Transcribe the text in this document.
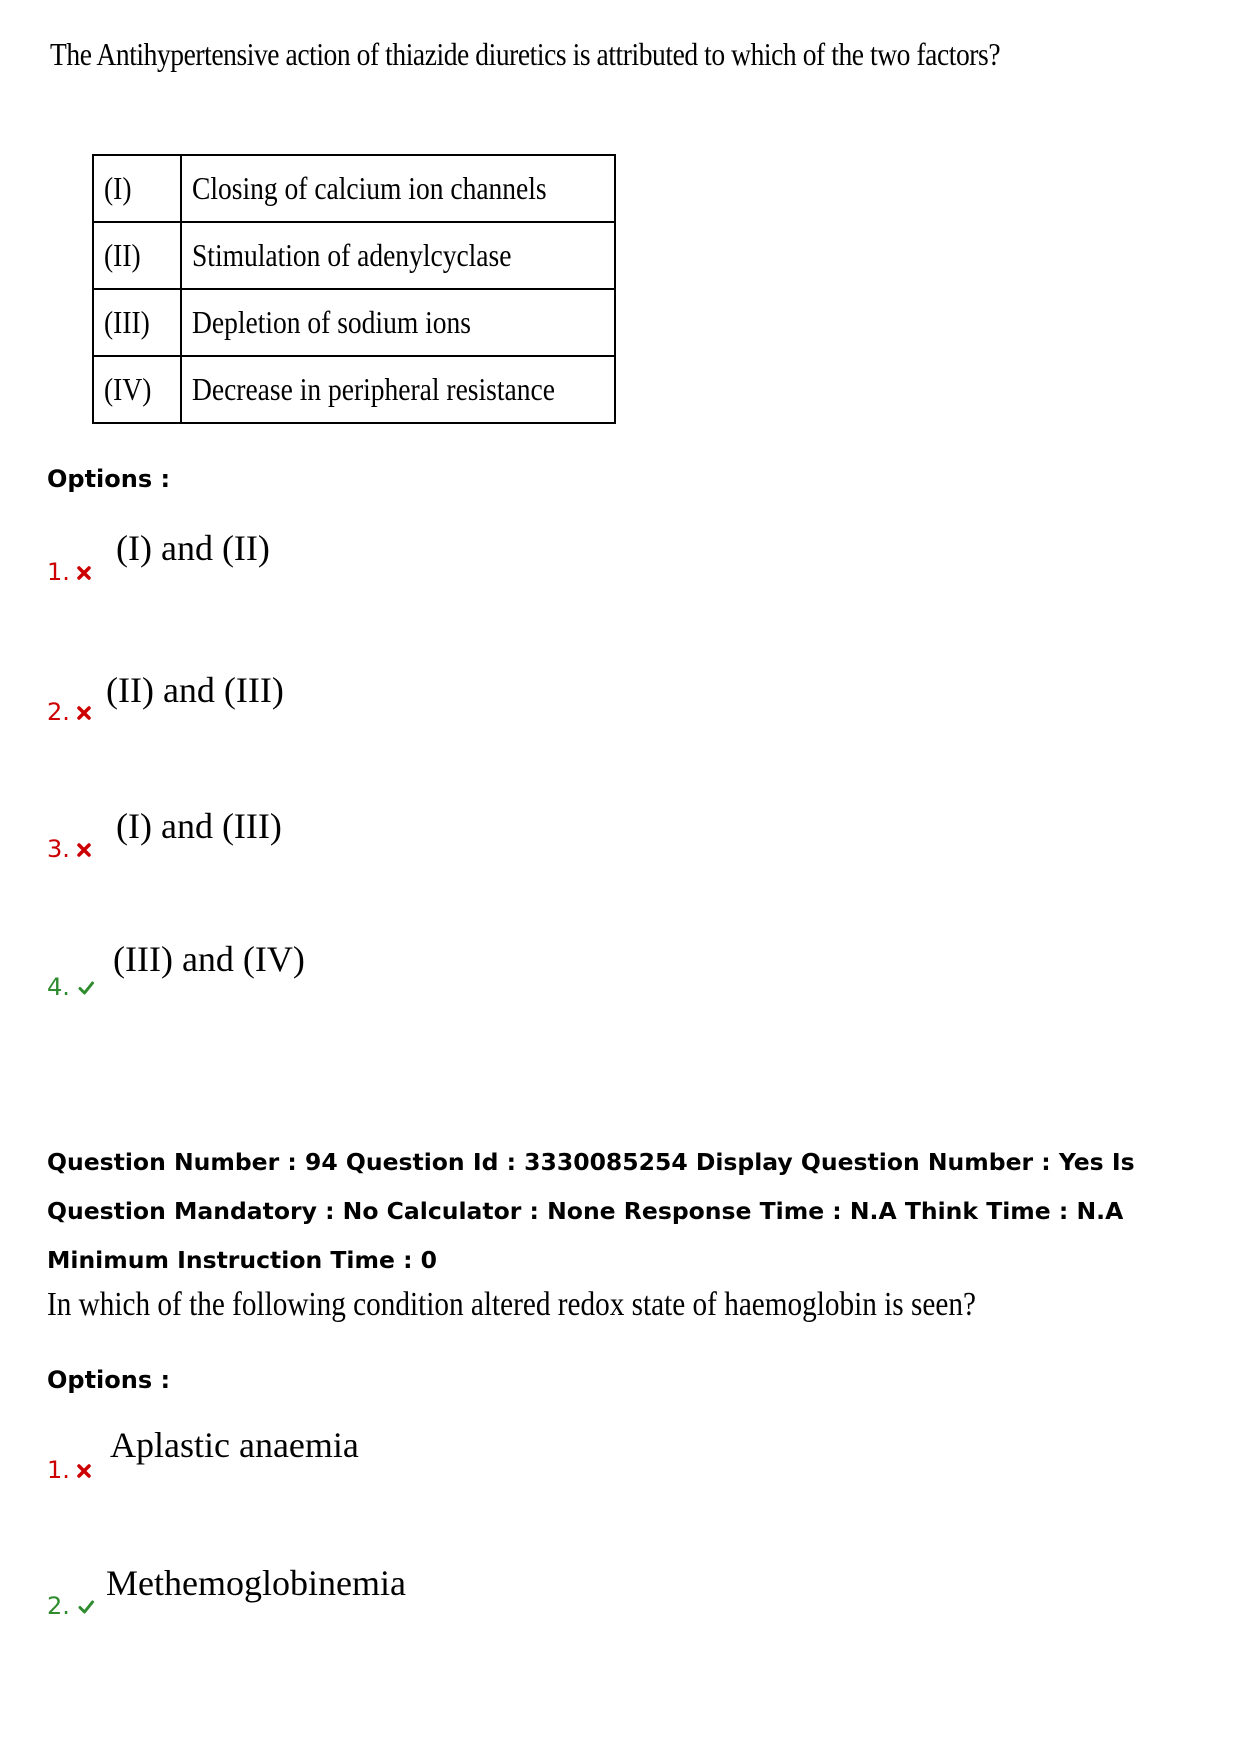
The Antihypertensive action of thiazide diuretics is attributed to which of the two factors?
(I)	Closing of calcium ion channels
(II)	Stimulation of adenylcyclase
(III)	Depletion of sodium ions
(IV)	Decrease in peripheral resistance
Options :
1.
(I) and (II)
2.
(II) and (III)
3.
(I) and (III)
4.
(III) and (IV)
Question Number : 94 Question Id : 3330085254 Display Question Number : Yes Is Question Mandatory : No Calculator : None Response Time : N.A Think Time : N.A Minimum Instruction Time : 0
In which of the following condition altered redox state of haemoglobin is seen?
Options :
1.
Aplastic anaemia
2.
Methemoglobinemia
